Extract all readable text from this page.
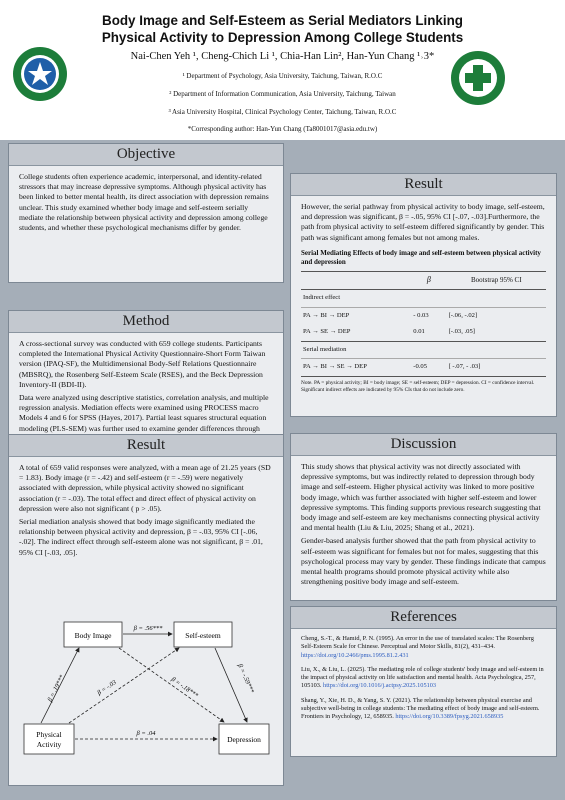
Body Image and Self-Esteem as Serial Mediators Linking Physical Activity to Depression Among College Students
Nai-Chen Yeh ¹, Cheng-Chich Li ¹, Chia-Han Lin², Han-Yun Chang ¹˒3*
¹ Department of Psychology, Asia University, Taichung, Taiwan, R.O.C
² Department of Information Communication, Asia University, Taichung, Taiwan
³ Asia University Hospital, Clinical Psychology Center, Taichung, Taiwan, R.O.C
*Corresponding author: Han-Yun Chang (Ta8001017@asia.edu.tw)
Objective

College students often experience academic, interpersonal, and identity-related stressors that may increase depressive symptoms. Although physical activity has been linked to better mental health, its direct association with depression remains unclear. This study examined whether body image and self-esteem serially mediate the relationship between physical activity and depression among college students, and whether these psychological mechanisms differ by gender.

Method

A cross-sectional survey was conducted with 659 college students. Participants completed the International Physical Activity Questionnaire-Short Form Taiwan version (IPAQ-SF), the Multidimensional Body-Self Relations Questionnaire (MBSRQ), the Rosenberg Self-Esteem Scale (RSES), and the Beck Depression Inventory-II (BDI-II).

Data were analyzed using descriptive statistics, correlation analysis, and multiple regression analysis. Mediation effects were examined using PROCESS macro Models 4 and 6 for SPSS (Hayes, 2017). Partial least squares structural equation modeling (PLS-SEM) was further used to examine gender differences through

Result

A total of 659 valid responses were analyzed, with a mean age of 21.25 years (SD = 1.83). Body image (r = -.42) and self-esteem (r = -.59) were negatively associated with depression, while physical activity showed no significant association (r = -.03). The total effect and direct effect of physical activity on depression were also not significant ( p > .05).

Serial mediation analysis showed that body image significantly mediated the relationship between physical activity and depression, β = -.03, 95% CI [-.06, -.02]. The indirect effect through self-esteem alone was not significant, β = .01, 95% CI [-.03, .05].

Body Image	Self-esteem
Physical
Activity
Depression
β = .19***
β = .56***
β = -.59***
β = -.03	β = -.18***
β = .04
Result

However, the serial pathway from physical activity to body image, self-esteem, and depression was significant, β = -.05, 95% CI [-.07, -.03].Furthermore, the path from physical activity to self-esteem differed significantly by gender. This path was significant among females but not among males.

Serial Mediating Effects of body image and self-esteem between physical activity and depression

	β	Bootstrap 95% CI

Indirect effect		

PA → BI → DEP	- 0.03	[-.06, -.02]
PA → SE → DEP	0.01	[-.03, .05]

Serial mediation		

PA → BI → SE → DEP	-0.05	[ -.07, - .03]

Note. PA = physical activity; BI = body image; SE = self-esteem; DEP = depression. CI = confidence interval. Significant indirect effects are indicated by 95% CIs that do not include zero.
Discussion

This study shows that physical activity was not directly associated with depressive symptoms, but was indirectly related to depression through body image and self-esteem. Higher physical activity was linked to more positive body image, which was further associated with higher self-esteem and lower depressive symptoms. This finding supports previous research suggesting that body image and self-esteem are key mechanisms connecting physical activity and mental health (Liu & Liu, 2025; Shang et al., 2021).

Gender-based analysis further showed that the path from physical activity to self-esteem was significant for females but not for males, suggesting that this psychological process may vary by gender. These findings indicate that campus mental health programs should promote physical activity while also strengthening positive body image and self-esteem.

References
Cheng, S.-T., & Hamid, P. N. (1995). An error in the use of translated scales: The Rosenberg Self-Esteem Scale for Chinese. Perceptual and Motor Skills, 81(2), 431–434. https://doi.org/10.2466/pms.1995.81.2.431
Liu, X., & Liu, L. (2025). The mediating role of college students' body image and self-esteem in the impact of physical activity on life satisfaction and mental health. Acta Psychologica, 257, 105103. https://doi.org/10.1016/j.actpsy.2025.105103
Shang, Y., Xie, H. D., & Yang, S. Y. (2021). The relationship between physical exercise and subjective well-being in college students: The mediating effect of body image and self-esteem. Frontiers in Psychology, 12, 658935. https://doi.org/10.3389/fpsyg.2021.658935
